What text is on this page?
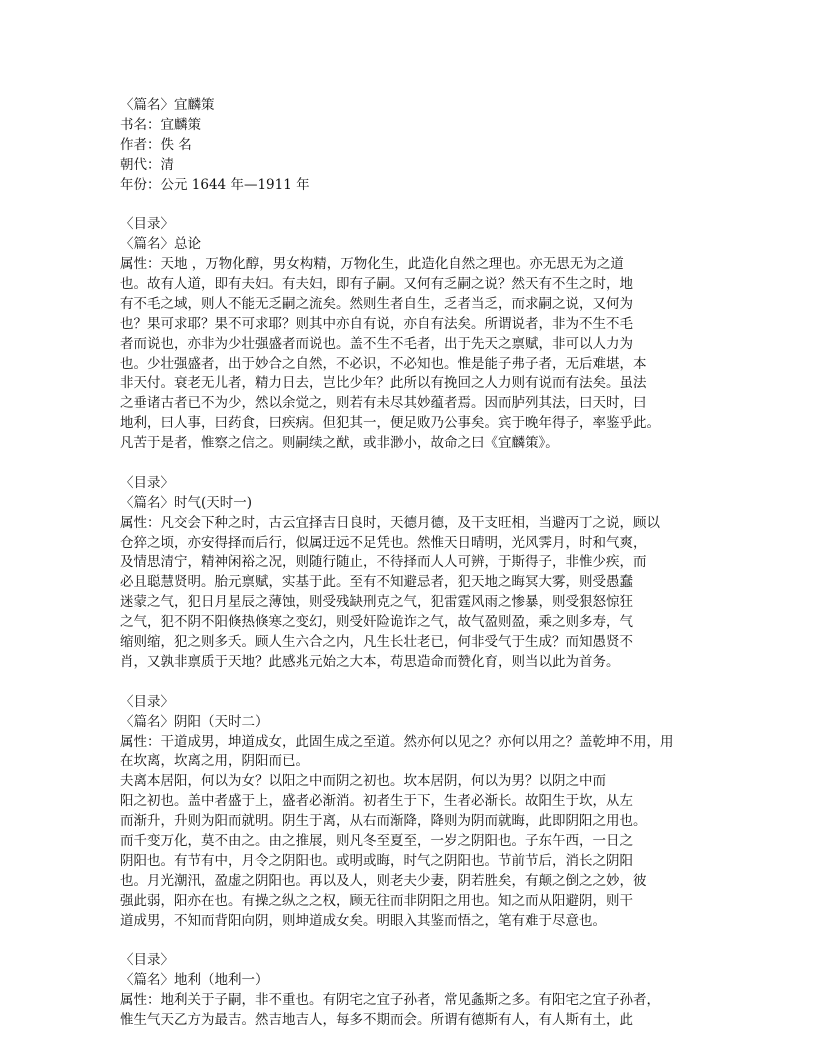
〈篇名〉宜麟策
书名：宜麟策
作者：佚 名
朝代：清
年份：公元 1644 年—1911 年
〈目录〉
〈篇名〉总论
属性：天地 ，万物化醇，男女构精，万物化生，此造化自然之理也。亦无思无为之道
也。故有人道，即有夫妇。有夫妇，即有子嗣。又何有乏嗣之说？然天有不生之时，地
有不毛之域，则人不能无乏嗣之流矣。然则生者自生，乏者当乏，而求嗣之说，又何为
也？果可求耶？果不可求耶？则其中亦自有说，亦自有法矣。所谓说者，非为不生不毛
者而说也，亦非为少壮强盛者而说也。盖不生不毛者，出于先天之禀赋，非可以人力为
也。少壮强盛者，出于妙合之自然，不必识，不必知也。惟是能子弗子者，无后难堪，本
非天付。衰老无儿者，精力日去，岂比少年？此所以有挽回之人力则有说而有法矣。虽法
之垂诸古者已不为少，然以余觉之，则若有未尽其妙蕴者焉。因而胪列其法，曰天时，曰
地利，曰人事，曰药食，曰疾病。但犯其一，便足败乃公事矣。宾于晚年得子，率鉴乎此。
凡苦于是者，惟察之信之。则嗣续之猷，或非渺小，故命之曰《宜麟策》。
〈目录〉
〈篇名〉时气(天时一)
属性：凡交会下种之时，古云宜择吉日良时，天德月德，及干支旺相，当避丙丁之说，顾以
仓猝之顷，亦安得择而后行，似属迂远不足凭也。然惟天日晴明，光风霁月，时和气爽，
及情思清宁，精神闲裕之况，则随行随止，不待择而人人可辨，于斯得子，非惟少疾，而
必且聪慧贤明。胎元禀赋，实基于此。至有不知避忌者，犯天地之晦冥大雾，则受愚蠢
迷蒙之气，犯日月星辰之薄蚀，则受残缺刑克之气，犯雷霆风雨之惨暴，则受狠怒惊狂
之气，犯不阴不阳倏热倏寒之变幻，则受奸险诡诈之气，故气盈则盈，乘之则多寿，气
缩则缩，犯之则多夭。顾人生六合之内，凡生长壮老已，何非受气于生成？而知愚贤不
肖，又孰非禀质于天地？此感兆元始之大本，苟思造命而赞化育，则当以此为首务。
〈目录〉
〈篇名〉阴阳（天时二）
属性：干道成男，坤道成女，此固生成之至道。然亦何以见之？亦何以用之？盖乾坤不用，用
在坎离，坎离之用，阴阳而已。
夫离本居阳，何以为女？以阳之中而阴之初也。坎本居阴，何以为男？以阴之中而
阳之初也。盖中者盛于上，盛者必渐消。初者生于下，生者必渐长。故阳生于坎，从左
而渐升，升则为阳而就明。阴生于离，从右而渐降，降则为阴而就晦，此即阴阳之用也。
而千变万化，莫不由之。由之推展，则凡冬至夏至，一岁之阴阳也。子东午西，一日之
阴阳也。有节有中，月令之阴阳也。或明或晦，时气之阴阳也。节前节后，消长之阴阳
也。月光潮汛，盈虚之阴阳也。再以及人，则老夫少妻，阴若胜矣，有颠之倒之之妙，彼
强此弱，阳亦在也。有操之纵之之权，顾无往而非阴阳之用也。知之而从阳避阴，则干
道成男，不知而背阳向阴，则坤道成女矣。明眼入其鉴而悟之，笔有难于尽意也。
〈目录〉
〈篇名〉地利（地利一）
属性：地利关于子嗣，非不重也。有阴宅之宜子孙者，常见螽斯之多。有阳宅之宜子孙者，
惟生气天乙方为最吉。然吉地吉人，每多不期而会。所谓有德斯有人，有人斯有土，此
